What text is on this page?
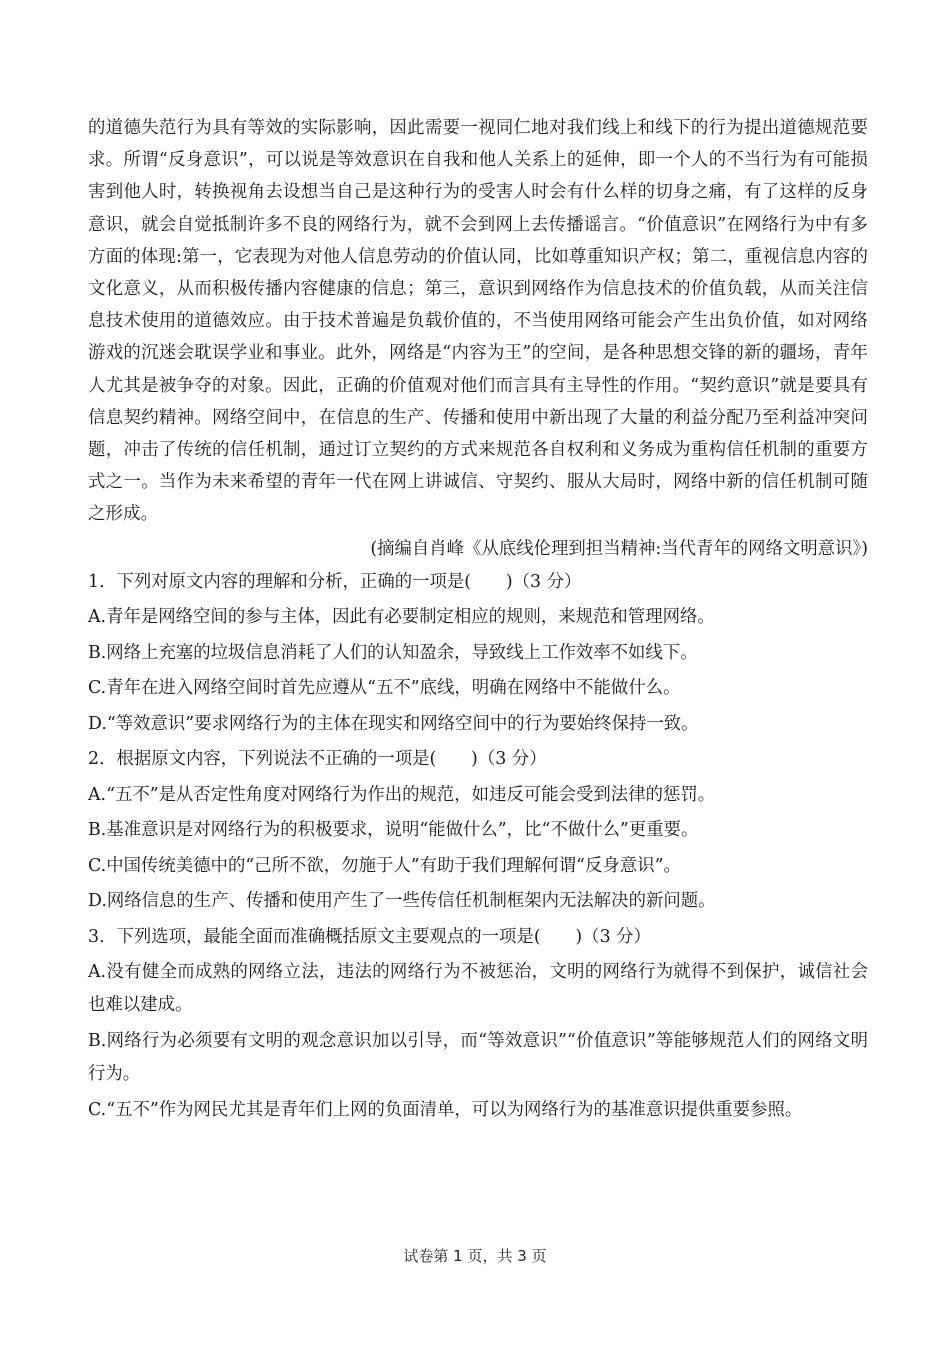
的道德失范行为具有等效的实际影响，因此需要一视同仁地对我们线上和线下的行为提出道德规范要求。所谓“反身意识”，可以说是等效意识在自我和他人关系上的延伸，即一个人的不当行为有可能损害到他人时，转换视角去设想当自己是这种行为的受害人时会有什么样的切身之痛，有了这样的反身意识，就会自觉抵制许多不良的网络行为，就不会到网上去传播谣言。“价值意识”在网络行为中有多方面的体现:第一，它表现为对他人信息劳动的价值认同，比如尊重知识产权；第二，重视信息内容的文化意义，从而积极传播内容健康的信息；第三，意识到网络作为信息技术的价值负载，从而关注信息技术使用的道德效应。由于技术普遍是负载价值的，不当使用网络可能会产生出负价值，如对网络游戏的沉迷会耽误学业和事业。此外，网络是“内容为王”的空间，是各种思想交锋的新的疆场，青年人尤其是被争夺的对象。因此，正确的价值观对他们而言具有主导性的作用。“契约意识”就是要具有信息契约精神。网络空间中，在信息的生产、传播和使用中新出现了大量的利益分配乃至利益冲突问题，冲击了传统的信任机制，通过订立契约的方式来规范各自权利和义务成为重构信任机制的重要方式之一。当作为未来希望的青年一代在网上讲诚信、守契约、服从大局时，网络中新的信任机制可随之形成。

(摘编自肖峰《从底线伦理到担当精神:当代青年的网络文明意识》)

1．下列对原文内容的理解和分析，正确的一项是(　　)（3 分）

A.青年是网络空间的参与主体，因此有必要制定相应的规则，来规范和管理网络。

B.网络上充塞的垃圾信息消耗了人们的认知盈余，导致线上工作效率不如线下。

C.青年在进入网络空间时首先应遵从“五不”底线，明确在网络中不能做什么。

D.“等效意识”要求网络行为的主体在现实和网络空间中的行为要始终保持一致。

2．根据原文内容，下列说法不正确的一项是(　　)（3 分）

A.“五不”是从否定性角度对网络行为作出的规范，如违反可能会受到法律的惩罚。

B.基准意识是对网络行为的积极要求，说明“能做什么”，比“不做什么”更重要。

C.中国传统美德中的“己所不欲，勿施于人”有助于我们理解何谓“反身意识”。

D.网络信息的生产、传播和使用产生了一些传信任机制框架内无法解决的新问题。

3．下列选项，最能全面而准确概括原文主要观点的一项是(　　)（3 分）

A.没有健全而成熟的网络立法，违法的网络行为不被惩治，文明的网络行为就得不到保护，诚信社会也难以建成。

B.网络行为必须要有文明的观念意识加以引导，而“等效意识”“价值意识”等能够规范人们的网络文明行为。

C.“五不”作为网民尤其是青年们上网的负面清单，可以为网络行为的基准意识提供重要参照。

试卷第 1 页，共 3 页
